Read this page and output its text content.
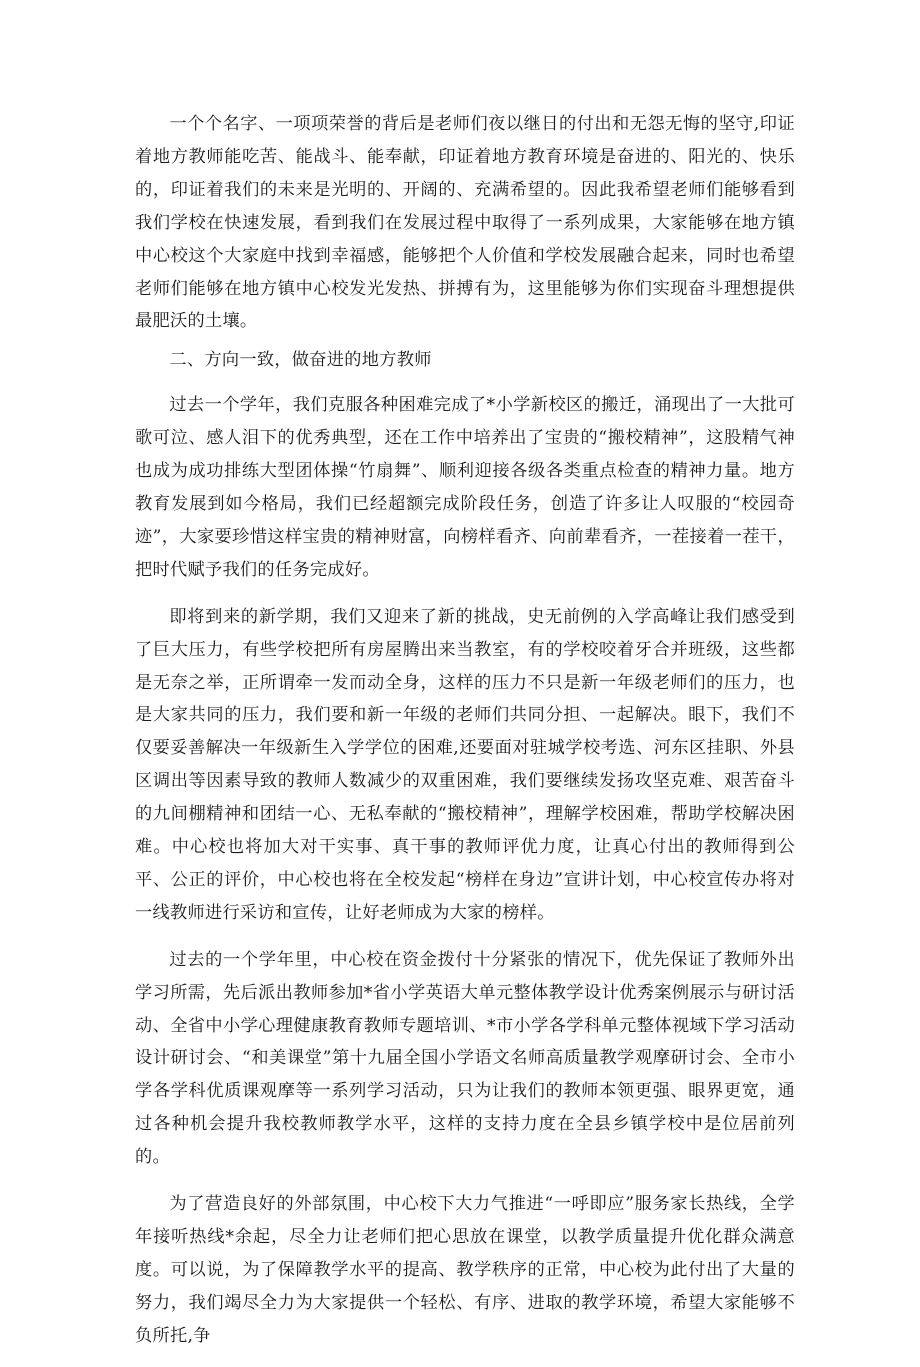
一个个名字、一项项荣誉的背后是老师们夜以继日的付出和无怨无悔的坚守,印证着地方教师能吃苦、能战斗、能奉献，印证着地方教育环境是奋进的、阳光的、快乐的，印证着我们的未来是光明的、开阔的、充满希望的。因此我希望老师们能够看到我们学校在快速发展，看到我们在发展过程中取得了一系列成果，大家能够在地方镇中心校这个大家庭中找到幸福感，能够把个人价值和学校发展融合起来，同时也希望老师们能够在地方镇中心校发光发热、拼搏有为，这里能够为你们实现奋斗理想提供最肥沃的土壤。

二、方向一致，做奋进的地方教师

过去一个学年，我们克服各种困难完成了*小学新校区的搬迁，涌现出了一大批可歌可泣、感人泪下的优秀典型，还在工作中培养出了宝贵的“搬校精神”，这股精气神也成为成功排练大型团体操“竹扇舞”、顺利迎接各级各类重点检查的精神力量。地方教育发展到如今格局，我们已经超额完成阶段任务，创造了许多让人叹服的“校园奇迹”，大家要珍惜这样宝贵的精神财富，向榜样看齐、向前辈看齐，一茬接着一茬干，把时代赋予我们的任务完成好。

即将到来的新学期，我们又迎来了新的挑战，史无前例的入学高峰让我们感受到了巨大压力，有些学校把所有房屋腾出来当教室，有的学校咬着牙合并班级，这些都是无奈之举，正所谓牵一发而动全身，这样的压力不只是新一年级老师们的压力，也是大家共同的压力，我们要和新一年级的老师们共同分担、一起解决。眼下，我们不仅要妥善解决一年级新生入学学位的困难,还要面对驻城学校考选、河东区挂职、外县区调出等因素导致的教师人数减少的双重困难，我们要继续发扬攻坚克难、艰苦奋斗的九间棚精神和团结一心、无私奉献的“搬校精神”，理解学校困难，帮助学校解决困难。中心校也将加大对干实事、真干事的教师评优力度，让真心付出的教师得到公平、公正的评价，中心校也将在全校发起“榜样在身边”宣讲计划，中心校宣传办将对一线教师进行采访和宣传，让好老师成为大家的榜样。

过去的一个学年里，中心校在资金拨付十分紧张的情况下，优先保证了教师外出学习所需，先后派出教师参加*省小学英语大单元整体教学设计优秀案例展示与研讨活动、全省中小学心理健康教育教师专题培训、*市小学各学科单元整体视域下学习活动设计研讨会、“和美课堂”第十九届全国小学语文名师高质量教学观摩研讨会、全市小学各学科优质课观摩等一系列学习活动，只为让我们的教师本领更强、眼界更宽，通过各种机会提升我校教师教学水平，这样的支持力度在全县乡镇学校中是位居前列的。

为了营造良好的外部氛围，中心校下大力气推进“一呼即应”服务家长热线，全学年接听热线*余起，尽全力让老师们把心思放在课堂，以教学质量提升优化群众满意度。可以说，为了保障教学水平的提高、教学秩序的正常，中心校为此付出了大量的努力，我们竭尽全力为大家提供一个轻松、有序、进取的教学环境，希望大家能够不负所托,争
